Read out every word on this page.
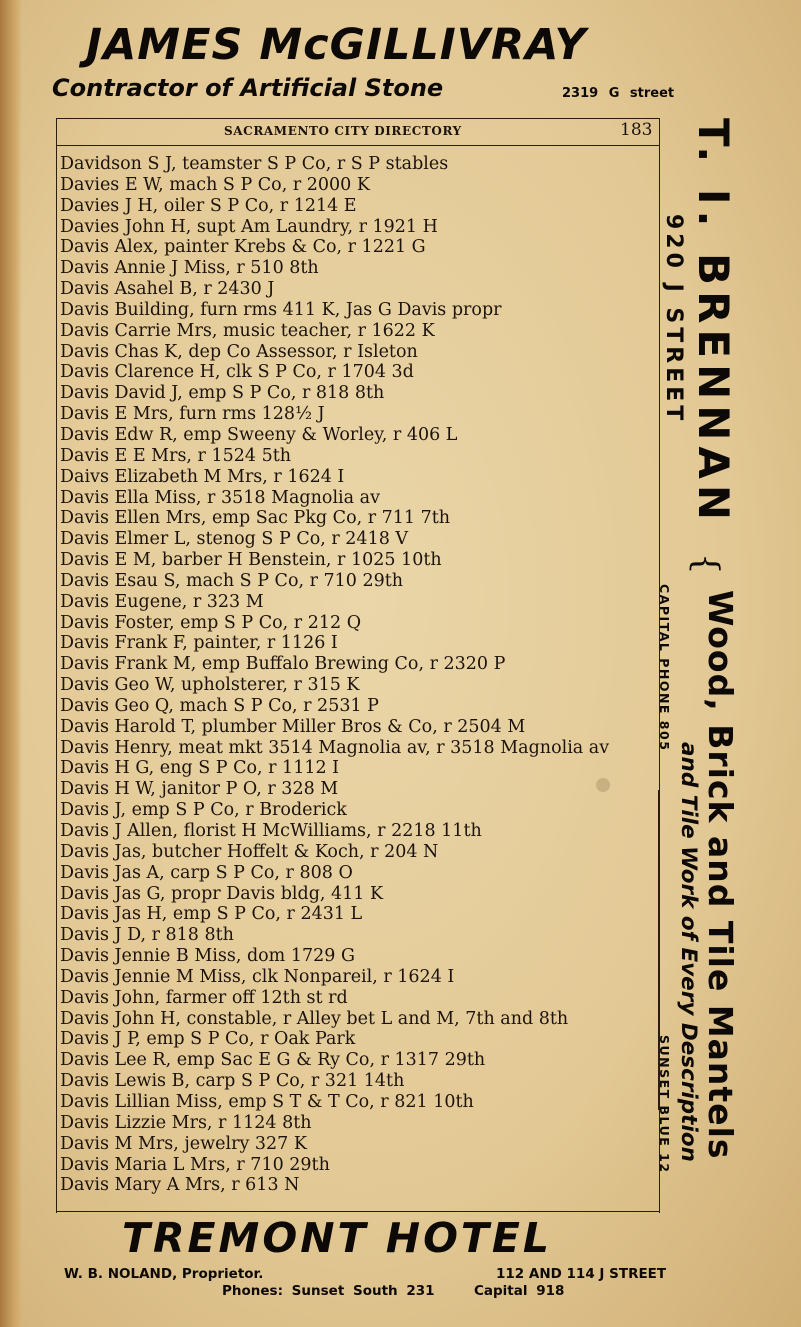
JAMES McGILLIVRAY
Contractor of Artificial Stone	2319 G street
SACRAMENTO CITY DIRECTORY	183
Davidson S J, teamster S P Co, r S P stables
Davies E W, mach S P Co, r 2000 K
Davies J H, oiler S P Co, r 1214 E
Davies John H, supt Am Laundry, r 1921 H
Davis Alex, painter Krebs & Co, r 1221 G
Davis Annie J Miss, r 510 8th
Davis Asahel B, r 2430 J
Davis Building, furn rms 411 K, Jas G Davis propr
Davis Carrie Mrs, music teacher, r 1622 K
Davis Chas K, dep Co Assessor, r Isleton
Davis Clarence H, clk S P Co, r 1704 3d
Davis David J, emp S P Co, r 818 8th
Davis E Mrs, furn rms 128½ J
Davis Edw R, emp Sweeny & Worley, r 406 L
Davis E E Mrs, r 1524 5th
Daivs Elizabeth M Mrs, r 1624 I
Davis Ella Miss, r 3518 Magnolia av
Davis Ellen Mrs, emp Sac Pkg Co, r 711 7th
Davis Elmer L, stenog S P Co, r 2418 V
Davis E M, barber H Benstein, r 1025 10th
Davis Esau S, mach S P Co, r 710 29th
Davis Eugene, r 323 M
Davis Foster, emp S P Co, r 212 Q
Davis Frank F, painter, r 1126 I
Davis Frank M, emp Buffalo Brewing Co, r 2320 P
Davis Geo W, upholsterer, r 315 K
Davis Geo Q, mach S P Co, r 2531 P
Davis Harold T, plumber Miller Bros & Co, r 2504 M
Davis Henry, meat mkt 3514 Magnolia av, r 3518 Magnolia av
Davis H G, eng S P Co, r 1112 I
Davis H W, janitor P O, r 328 M
Davis J, emp S P Co, r Broderick
Davis J Allen, florist H McWilliams, r 2218 11th
Davis Jas, butcher Hoffelt & Koch, r 204 N
Davis Jas A, carp S P Co, r 808 O
Davis Jas G, propr Davis bldg, 411 K
Davis Jas H, emp S P Co, r 2431 L
Davis J D, r 818 8th
Davis Jennie B Miss, dom 1729 G
Davis Jennie M Miss, clk Nonpareil, r 1624 I
Davis John, farmer off 12th st rd
Davis John H, constable, r Alley bet L and M, 7th and 8th
Davis J P, emp S P Co, r Oak Park
Davis Lee R, emp Sac E G & Ry Co, r 1317 29th
Davis Lewis B, carp S P Co, r 321 14th
Davis Lillian Miss, emp S T & T Co, r 821 10th
Davis Lizzie Mrs, r 1124 8th
Davis M Mrs, jewelry 327 K
Davis Maria L Mrs, r 710 29th
Davis Mary A Mrs, r 613 N
T. I. BRENNAN
920 J STREET
{
Wood, Brick and Tile Mantels
and Tile Work of Every Description
CAPITAL PHONE 805
SUNSET BLUE 12
TREMONT HOTEL
W. B. NOLAND, Proprietor.	112 AND 114 J STREET
Phones: Sunset South 231	Capital 918
